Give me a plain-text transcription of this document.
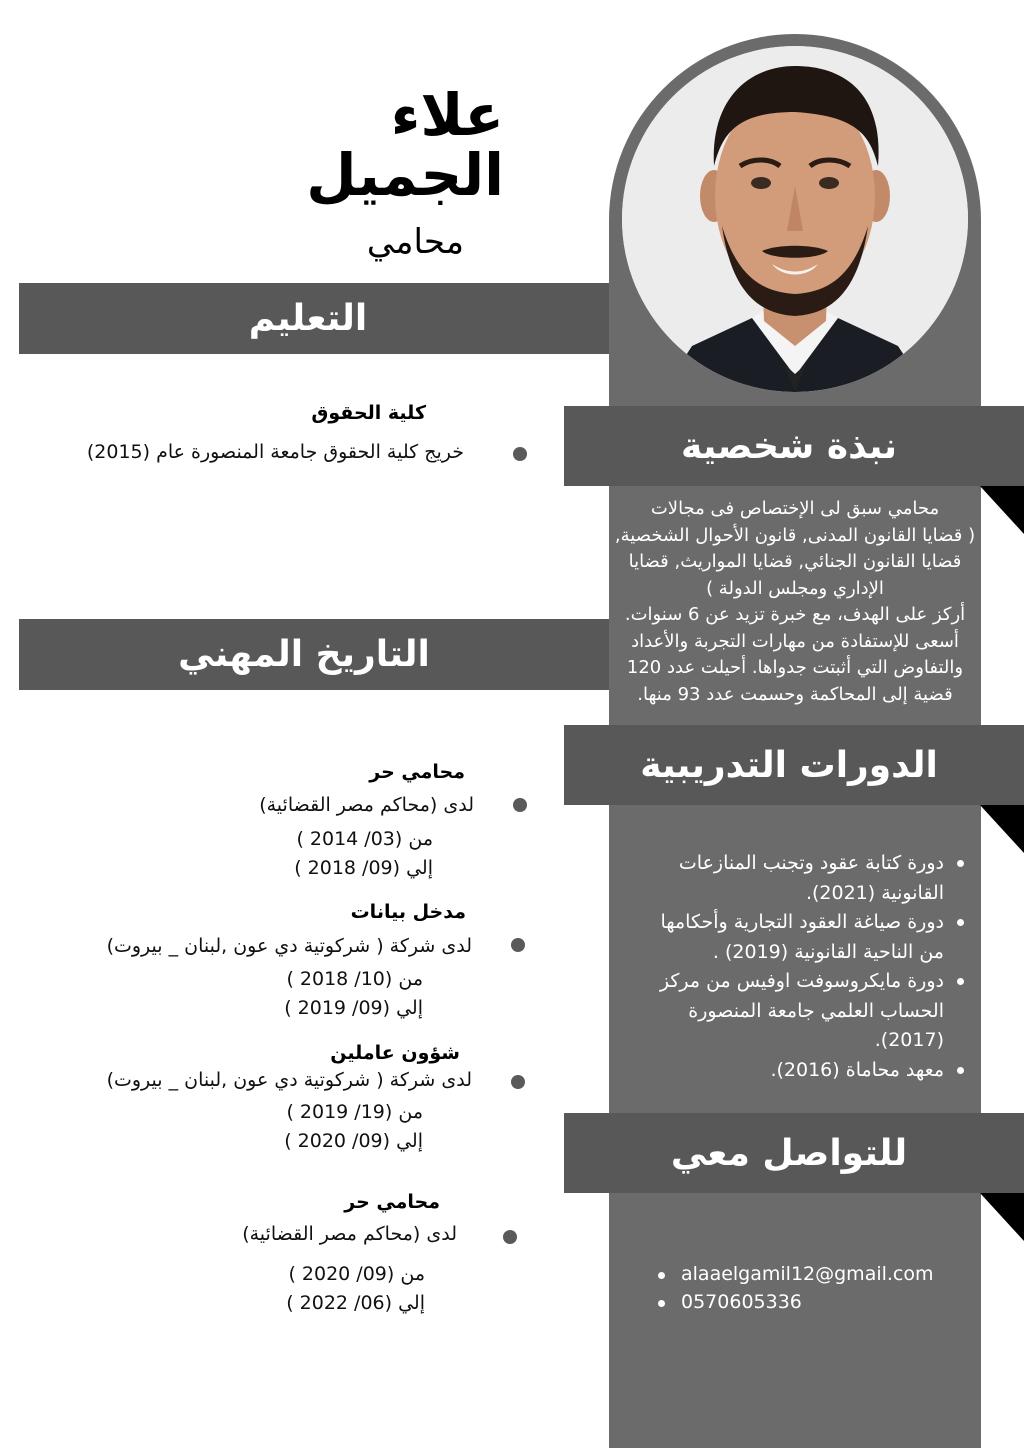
علاء
الجميل
محامي
التعليم
التاريخ المهني
نبذة شخصية
الدورات التدريبية
للتواصل معي
كلية الحقوق
خريج كلية الحقوق جامعة المنصورة عام (2015)
محامي سبق لى الإختصاص فى مجالات
( قضايا القانون المدنى, قانون الأحوال الشخصية,
قضايا القانون الجنائي, قضايا المواريث, قضايا
الإداري ومجلس الدولة )
أركز على الهدف، مع خبرة تزيد عن 6 سنوات.
أسعى للإستفادة من مهارات التجربة والأعداد
والتفاوض التي أثبتت جدواها. أحيلت عدد 120
قضية إلى المحاكمة وحسمت عدد 93 منها.
محامي حر
لدى (محاكم مصر القضائية)
من (03/ 2014 )
إلي (09/ 2018 )
مدخل بيانات
لدى شركة ( شركوتية دي عون ,لبنان _ بيروت)
من (10/ 2018 )
إلي (09/ 2019 )
شؤون عاملين
لدى شركة ( شركوتية دي عون ,لبنان _ بيروت)
من (19/ 2019 )
إلي (09/ 2020 )
محامي حر
لدى (محاكم مصر القضائية)
من (09/ 2020 )
إلي (06/ 2022 )
دورة كتابة عقود وتجنب المنازعات
القانونية (2021).
دورة صياغة العقود التجارية وأحكامها
من الناحية القانونية (2019) .
دورة مايكروسوفت اوفيس من مركز
الحساب العلمي جامعة المنصورة
(2017).
معهد محاماة (2016).
alaaelgamil12@gmail.com
0570605336
